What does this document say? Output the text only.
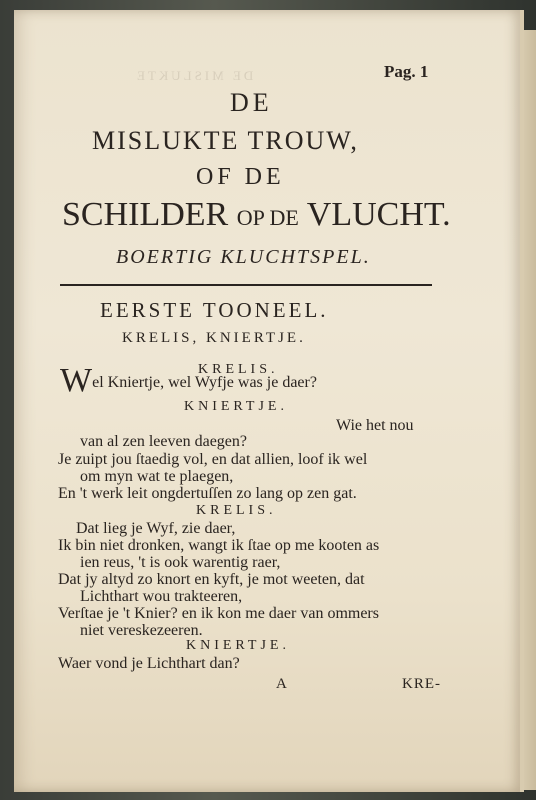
DE MISLUKTE	Pag. 1
DE
MISLUKTE TROUW,
OF DE
SCHILDER OP DE VLUCHT.
BOERTIG KLUCHTSPEL.
EERSTE TOONEEL.
KRELIS, KNIERTJE.
KRELIS.
Wel Kniertje, wel Wyfje was je daer?
KNIERTJE.
Wie het nou
van al zen leeven daegen?
Je zuipt jou ſtaedig vol, en dat allien, loof ik wel
om myn wat te plaegen,
En 't werk leit ongdertuſſen zo lang op zen gat.
KRELIS.
Dat lieg je Wyf, zie daer,
Ik bin niet dronken, wangt ik ſtae op me kooten as
ien reus, 't is ook warentig raer,
Dat jy altyd zo knort en kyft, je mot weeten, dat
Lichthart wou trakteeren,
Verſtae je 't Knier? en ik kon me daer van ommers
niet vereskezeeren.
KNIERTJE.
Waer vond je Lichthart dan?
A	KRE-
